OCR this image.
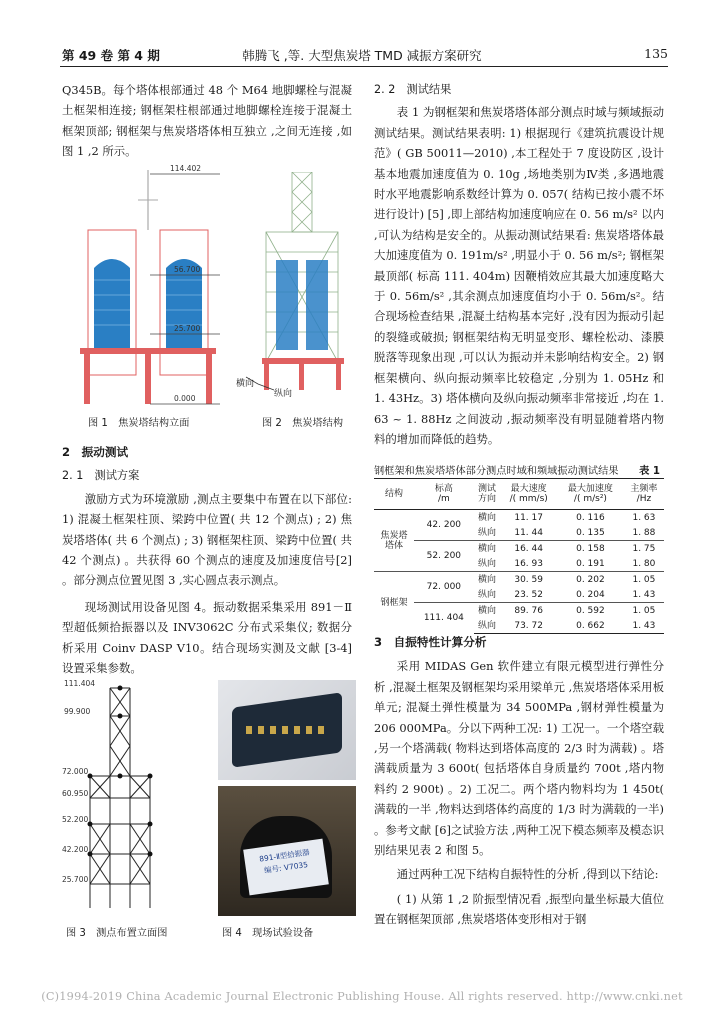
第 49 卷 第 4 期	韩腾飞 ,等. 大型焦炭塔 TMD 减振方案研究	135

Q345B。每个塔体根部通过 48 个 M64 地脚螺栓与混凝土框架相连接; 钢框架柱根部通过地脚螺栓连接于混凝土框架顶部; 钢框架与焦炭塔塔体相互独立 ,之间无连接 ,如图 1 ,2 所示。

114.402
56.700
25.700
0.000
横向
纵向
图 1　焦炭塔结构立面	图 2　焦炭塔结构

2　振动测试

2. 1　测试方案

激励方式为环境激励 ,测点主要集中布置在以下部位: 1) 混凝土框架柱顶、梁跨中位置( 共 12 个测点) ; 2) 焦炭塔塔体( 共 6 个测点) ; 3) 钢框架柱顶、梁跨中位置( 共 42 个测点) 。共获得 60 个测点的速度及加速度信号[2] 。部分测点位置见图 3 ,实心圆点表示测点。

现场测试用设备见图 4。振动数据采集采用 891－Ⅱ型超低频拾振器以及 INV3062C 分布式采集仪; 数据分析采用 Coinv DASP V10。结合现场实测及文献 [3-4] 设置采集参数。

111.404
99.900
72.000
60.950
52.200
42.200
25.700
891-Ⅱ型拾振器
编号: V7035
图 3　测点布置立面图	图 4　现场试验设备

2. 2　测试结果

表 1 为钢框架和焦炭塔塔体部分测点时域与频域振动测试结果。测试结果表明: 1) 根据现行《建筑抗震设计规范》( GB 50011—2010) ,本工程处于 7 度设防区 ,设计基本地震加速度值为 0. 10g ,场地类别为Ⅳ类 ,多遇地震时水平地震影响系数经计算为 0. 057( 结构已按小震不坏进行设计) [5] ,即上部结构加速度响应在 0. 56 m/s² 以内 ,可认为结构是安全的。从振动测试结果看: 焦炭塔塔体最大加速度值为 0. 191m/s² ,明显小于 0. 56 m/s²; 钢框架最顶部( 标高 111. 404m) 因鞭梢效应其最大加速度略大于 0. 56m/s² ,其余测点加速度值均小于 0. 56m/s²。结合现场检查结果 ,混凝土结构基本完好 ,没有因为振动引起的裂缝或破损; 钢框架结构无明显变形、螺栓松动、漆膜脱落等现象出现 ,可以认为振动并未影响结构安全。2) 钢框架横向、纵向振动频率比较稳定 ,分别为 1. 05Hz 和 1. 43Hz。3) 塔体横向及纵向振动频率非常接近 ,均在 1. 63 ~ 1. 88Hz 之间波动 ,振动频率没有明显随着塔内物料的增加而降低的趋势。

钢框架和焦炭塔塔体部分测点时域和频域振动测试结果 表 1
结构	标高
/m	测试
方向	最大速度
/( mm/s)	最大加速度
/( m/s²)	主频率
/Hz
焦炭塔
塔体	42. 200	横向	11. 17	0. 116	1. 63
		纵向	11. 44	0. 135	1. 88
	52. 200	横向	16. 44	0. 158	1. 75
		纵向	16. 93	0. 191	1. 80
钢框架	72. 000	横向	30. 59	0. 202	1. 05
		纵向	23. 52	0. 204	1. 43
	111. 404	横向	89. 76	0. 592	1. 05
		纵向	73. 72	0. 662	1. 43

3　自振特性计算分析

采用 MIDAS Gen 软件建立有限元模型进行弹性分析 ,混凝土框架及钢框架均采用梁单元 ,焦炭塔塔体采用板单元; 混凝土弹性模量为 34 500MPa ,钢材弹性模量为 206 000MPa。分以下两种工况: 1) 工况一。一个塔空载 ,另一个塔满载( 物料达到塔体高度的 2/3 时为满载) 。塔满载质量为 3 600t( 包括塔体自身质量约 700t ,塔内物料约 2 900t) 。2) 工况二。两个塔内物料均为 1 450t( 满载的一半 ,物料达到塔体约高度的 1/3 时为满载的一半) 。参考文献 [6]之试验方法 ,两种工况下模态频率及模态识别结果见表 2 和图 5。

通过两种工况下结构自振特性的分析 ,得到以下结论:

( 1) 从第 1 ,2 阶振型情况看 ,振型向量坐标最大值位置在钢框架顶部 ,焦炭塔塔体变形相对于钢

(C)1994-2019 China Academic Journal Electronic Publishing House. All rights reserved. http://www.cnki.net
